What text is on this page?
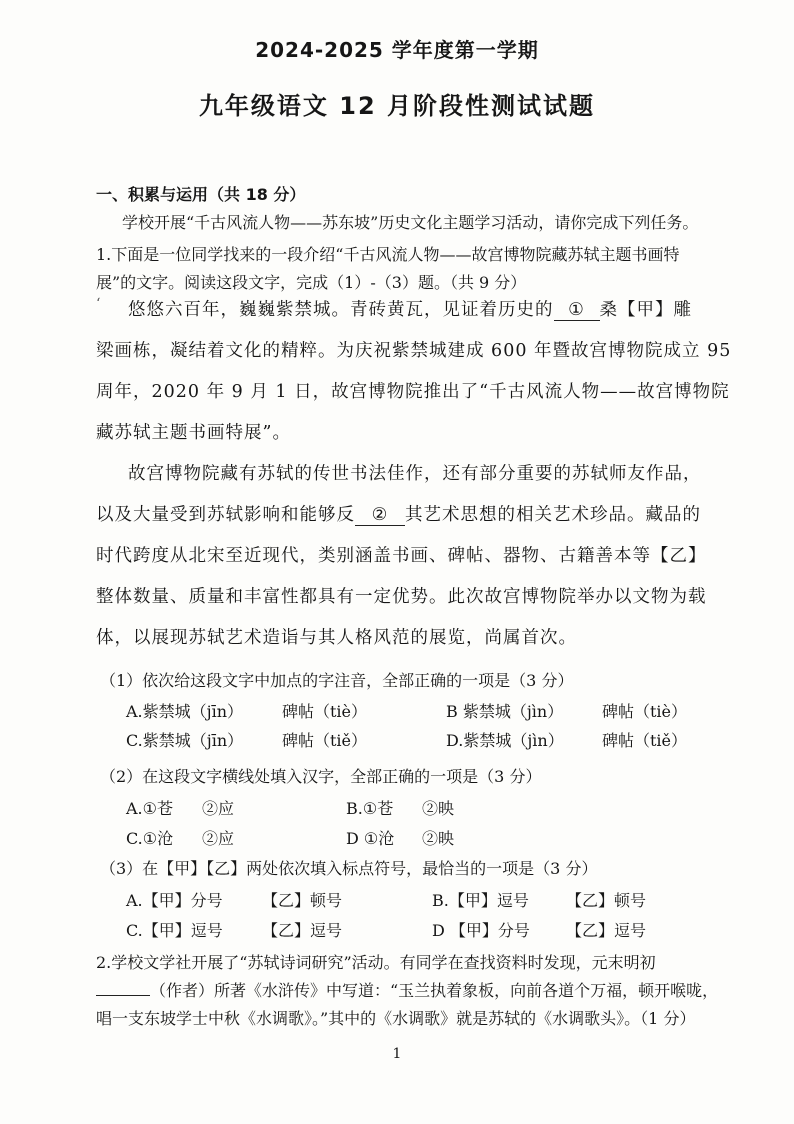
2024-2025 学年度第一学期
九年级语文 12 月阶段性测试试题
一、积累与运用（共 18 分）
学校开展“千古风流人物——苏东坡”历史文化主题学习活动，请你完成下列任务。
1.下面是一位同学找来的一段介绍“千古风流人物——故宫博物院藏苏轼主题书画特
展”的文字。阅读这段文字，完成（1）-（3）题。（共 9 分）
ʻ 悠悠六百年，巍巍紫禁城。青砖黄瓦，见证着历史的 ① 桑【甲】雕
梁画栋，凝结着文化的精粹。为庆祝紫禁城建成 600 年暨故宫博物院成立 95
周年，2020 年 9 月 1 日，故宫博物院推出了“千古风流人物——故宫博物院
藏苏轼主题书画特展”。
故宫博物院藏有苏轼的传世书法佳作，还有部分重要的苏轼师友作品，
以及大量受到苏轼影响和能够反 ② 其艺术思想的相关艺术珍品。藏品的
时代跨度从北宋至近现代，类别涵盖书画、碑帖、器物、古籍善本等【乙】
整体数量、质量和丰富性都具有一定优势。此次故宫博物院举办以文物为载
体，以展现苏轼艺术造诣与其人格风范的展览，尚属首次。
（1）依次给这段文字中加点的字注音，全部正确的一项是（3 分）
A.紫禁城（jīn） 碑帖（tiè）	B 紫禁城（jìn） 碑帖（tiè）
C.紫禁城（jīn） 碑帖（tiě）	D.紫禁城（jìn） 碑帖（tiě）
（2）在这段文字横线处填入汉字，全部正确的一项是（3 分）
A.①苍 ②应	B.①苍 ②映
C.①沧 ②应	D ①沧 ②映
（3）在【甲】【乙】两处依次填入标点符号，最恰当的一项是（3 分）
A.【甲】分号 【乙】顿号	B.【甲】逗号 【乙】顿号
C.【甲】逗号 【乙】逗号	D 【甲】分号 【乙】逗号
2.学校文学社开展了“苏轼诗词研究”活动。有同学在查找资料时发现，元末明初
（作者）所著《水浒传》中写道：“玉兰执着象板，向前各道个万福，顿开喉咙，
唱一支东坡学士中秋《水调歌》。”其中的《水调歌》就是苏轼的《水调歌头》。（1 分）
1
